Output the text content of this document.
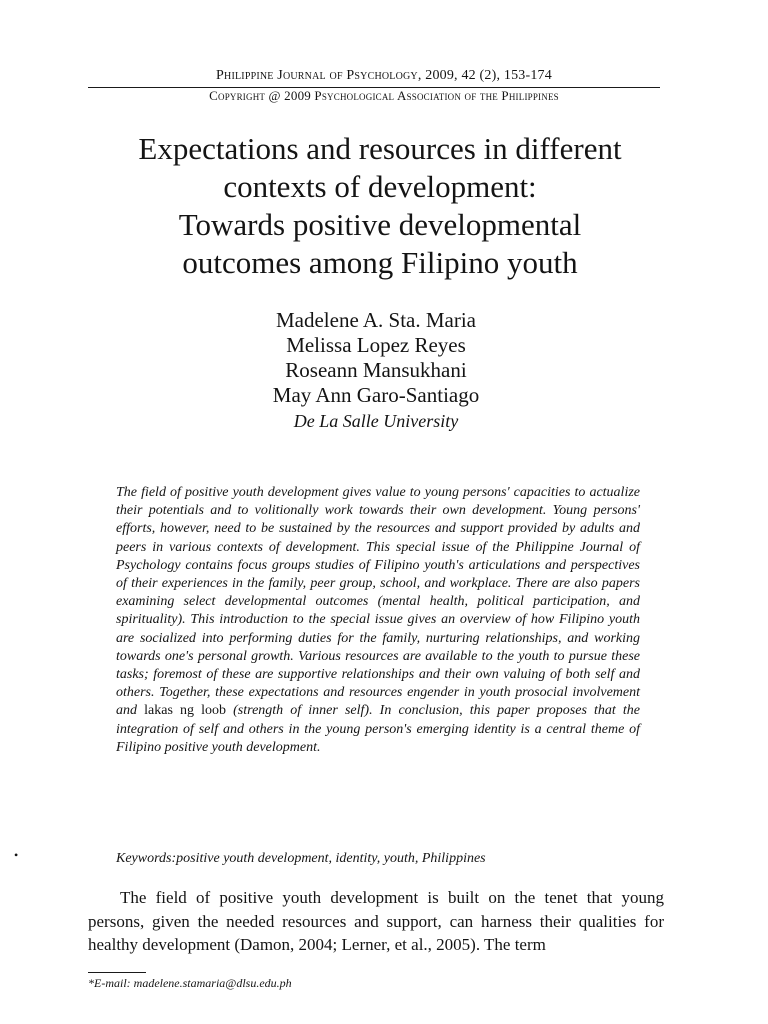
Philippine Journal of Psychology, 2009, 42 (2), 153-174
Copyright @ 2009 Psychological Association of the Philippines
Expectations and resources in different
contexts of development:
Towards positive developmental
outcomes among Filipino youth
Madelene A. Sta. Maria
Melissa Lopez Reyes
Roseann Mansukhani
May Ann Garo-Santiago
De La Salle University

The field of positive youth development gives value to young persons' capacities to actualize their potentials and to volitionally work towards their own development. Young persons' efforts, however, need to be sustained by the resources and support provided by adults and peers in various contexts of development. This special issue of the Philippine Journal of Psychology contains focus groups studies of Filipino youth's articulations and perspectives of their experiences in the family, peer group, school, and workplace. There are also papers examining select developmental outcomes (mental health, political participation, and spirituality). This introduction to the special issue gives an overview of how Filipino youth are socialized into performing duties for the family, nurturing relationships, and working towards one's personal growth. Various resources are available to the youth to pursue these tasks; foremost of these are supportive relationships and their own valuing of both self and others. Together, these expectations and resources engender in youth prosocial involvement and lakas ng loob (strength of inner self). In conclusion, this paper proposes that the integration of self and others in the young person's emerging identity is a central theme of Filipino positive youth development.

•	Keywords:positive youth development, identity, youth, Philippines

The field of positive youth development is built on the tenet that young persons, given the needed resources and support, can harness their qualities for healthy development (Damon, 2004; Lerner, et al., 2005). The term

*E-mail: madelene.stamaria@dlsu.edu.ph
